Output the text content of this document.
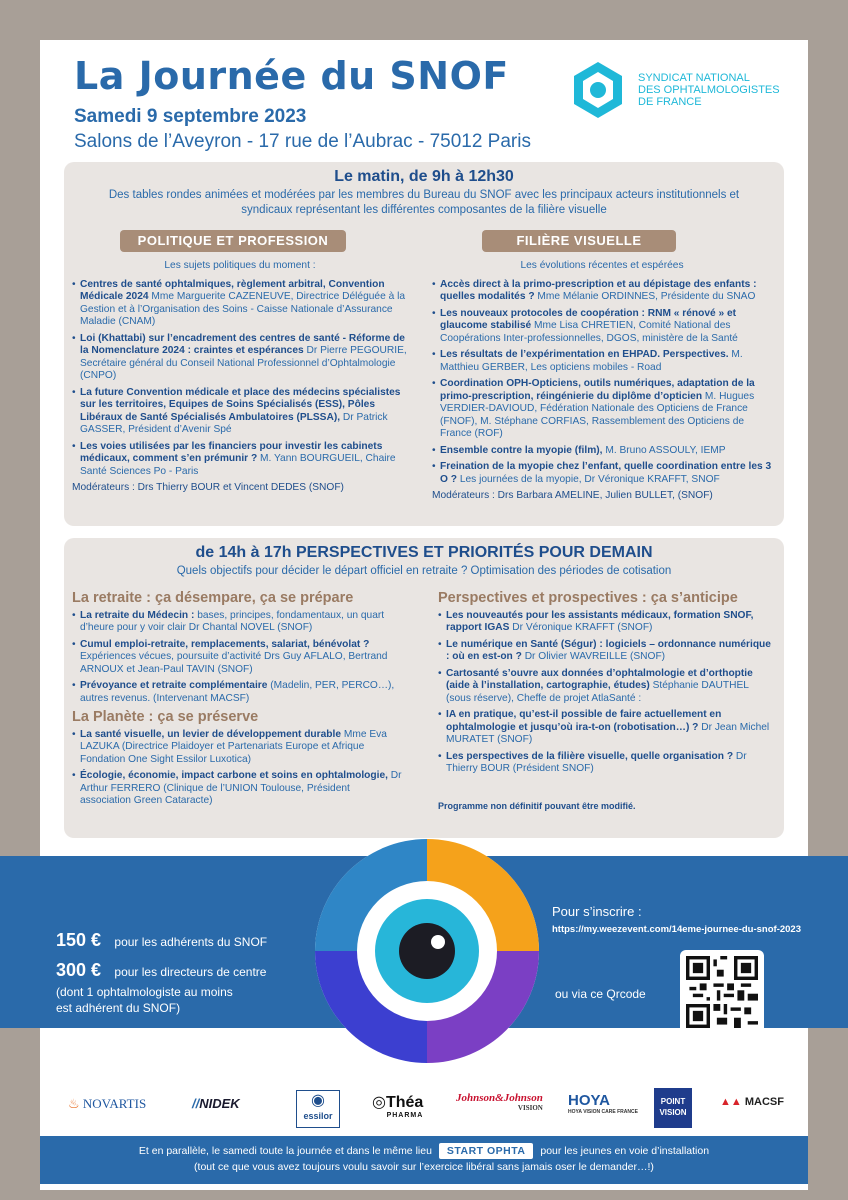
La Journée du SNOF
Samedi 9 septembre 2023
Salons de l’Aveyron - 17 rue de l’Aubrac - 75012 Paris
SYNDICAT NATIONAL
DES OPHTALMOLOGISTES
DE FRANCE
Le matin, de 9h à 12h30
Des tables rondes animées et modérées par les membres du Bureau du SNOF avec les principaux acteurs institutionnels et syndicaux représentant les différentes composantes de la filière visuelle
POLITIQUE ET PROFESSION	FILIÈRE VISUELLE
Les sujets politiques du moment :
• Centres de santé ophtalmiques, règlement arbitral, Convention Médicale 2024 Mme Marguerite CAZENEUVE, Directrice Déléguée à la Gestion et à l’Organisation des Soins - Caisse Nationale d’Assurance Maladie (CNAM)
• Loi (Khattabi) sur l’encadrement des centres de santé - Réforme de la Nomenclature 2024 : craintes et espérances Dr Pierre PEGOURIE, Secrétaire général du Conseil National Professionnel d’Ophtalmologie (CNPO)
• La future Convention médicale et place des médecins spécialistes sur les territoires, Equipes de Soins Spécialisés (ESS), Pôles Libéraux de Santé Spécialisés Ambulatoires (PLSSA), Dr Patrick GASSER, Président d’Avenir Spé
• Les voies utilisées par les financiers pour investir les cabinets médicaux, comment s’en prémunir ? M. Yann BOURGUEIL, Chaire Santé Sciences Po - Paris
Modérateurs : Drs Thierry BOUR et Vincent DEDES (SNOF)
Les évolutions récentes et espérées
• Accès direct à la primo-prescription et au dépistage des enfants : quelles modalités ? Mme Mélanie ORDINNES, Présidente du SNAO
• Les nouveaux protocoles de coopération : RNM « rénové » et glaucome stabilisé Mme Lisa CHRETIEN, Comité National des Coopérations Inter-professionnelles, DGOS, ministère de la Santé
• Les résultats de l’expérimentation en EHPAD. Perspectives. M. Matthieu GERBER, Les opticiens mobiles - Road
• Coordination OPH-Opticiens, outils numériques, adaptation de la primo-prescription, réingénierie du diplôme d’opticien M. Hugues VERDIER-DAVIOUD, Fédération Nationale des Opticiens de France (FNOF), M. Stéphane CORFIAS, Rassemblement des Opticiens de France (ROF)
• Ensemble contre la myopie (film), M. Bruno ASSOULY, IEMP
• Freination de la myopie chez l’enfant, quelle coordination entre les 3 O ? Les journées de la myopie, Dr Véronique KRAFFT, SNOF
Modérateurs : Drs Barbara AMELINE, Julien BULLET, (SNOF)
de 14h à 17h PERSPECTIVES ET PRIORITÉS POUR DEMAIN
Quels objectifs pour décider le départ officiel en retraite ? Optimisation des périodes de cotisation
La retraite : ça désempare, ça se prépare
• La retraite du Médecin : bases, principes, fondamentaux, un quart d’heure pour y voir clair Dr Chantal NOVEL (SNOF)
• Cumul emploi-retraite, remplacements, salariat, bénévolat ? Expériences vécues, poursuite d’activité Drs Guy AFLALO, Bertrand ARNOUX et Jean-Paul TAVIN (SNOF)
• Prévoyance et retraite complémentaire (Madelin, PER, PERCO…), autres revenus. (Intervenant MACSF)
La Planète : ça se préserve
• La santé visuelle, un levier de développement durable Mme Eva LAZUKA (Directrice Plaidoyer et Partenariats Europe et Afrique Fondation One Sight Essilor Luxotica)
• Écologie, économie, impact carbone et soins en ophtalmologie, Dr Arthur FERRERO (Clinique de l’UNION Toulouse, Président association Green Cataracte)
Perspectives et prospectives : ça s’anticipe
• Les nouveautés pour les assistants médicaux, formation SNOF, rapport IGAS Dr Véronique KRAFFT (SNOF)
• Le numérique en Santé (Ségur) : logiciels – ordonnance numérique : où en est-on ? Dr Olivier WAVREILLE (SNOF)
• Cartosanté s’ouvre aux données d’ophtalmologie et d’orthoptie (aide à l’installation, cartographie, études) Stéphanie DAUTHEL (sous réserve), Cheffe de projet AtlaSanté :
• IA en pratique, qu’est-il possible de faire actuellement en ophtalmologie et jusqu’où ira-t-on (robotisation…) ? Dr Jean Michel MURATET (SNOF)
• Les perspectives de la filière visuelle, quelle organisation ? Dr Thierry BOUR (Président SNOF)
Programme non définitif pouvant être modifié.
150 € pour les adhérents du SNOF
300 € pour les directeurs de centre
(dont 1 ophtalmologiste au moins
est adhérent du SNOF)
Pour s’inscrire :
https://my.weezevent.com/14eme-journee-du-snof-2023
ou via ce Qrcode
♨ NOVARTIS	//NIDEK	◉
essilor
◎Théa
PHARMA
Johnson&Johnson
VISION HOYA
HOYA VISION CARE FRANCE
POINT VISION
▲▲ MACSF
Et en parallèle, le samedi toute la journée et dans le même lieu START OPHTA pour les jeunes en voie d’installation
(tout ce que vous avez toujours voulu savoir sur l’exercice libéral sans jamais oser le demander…!)
